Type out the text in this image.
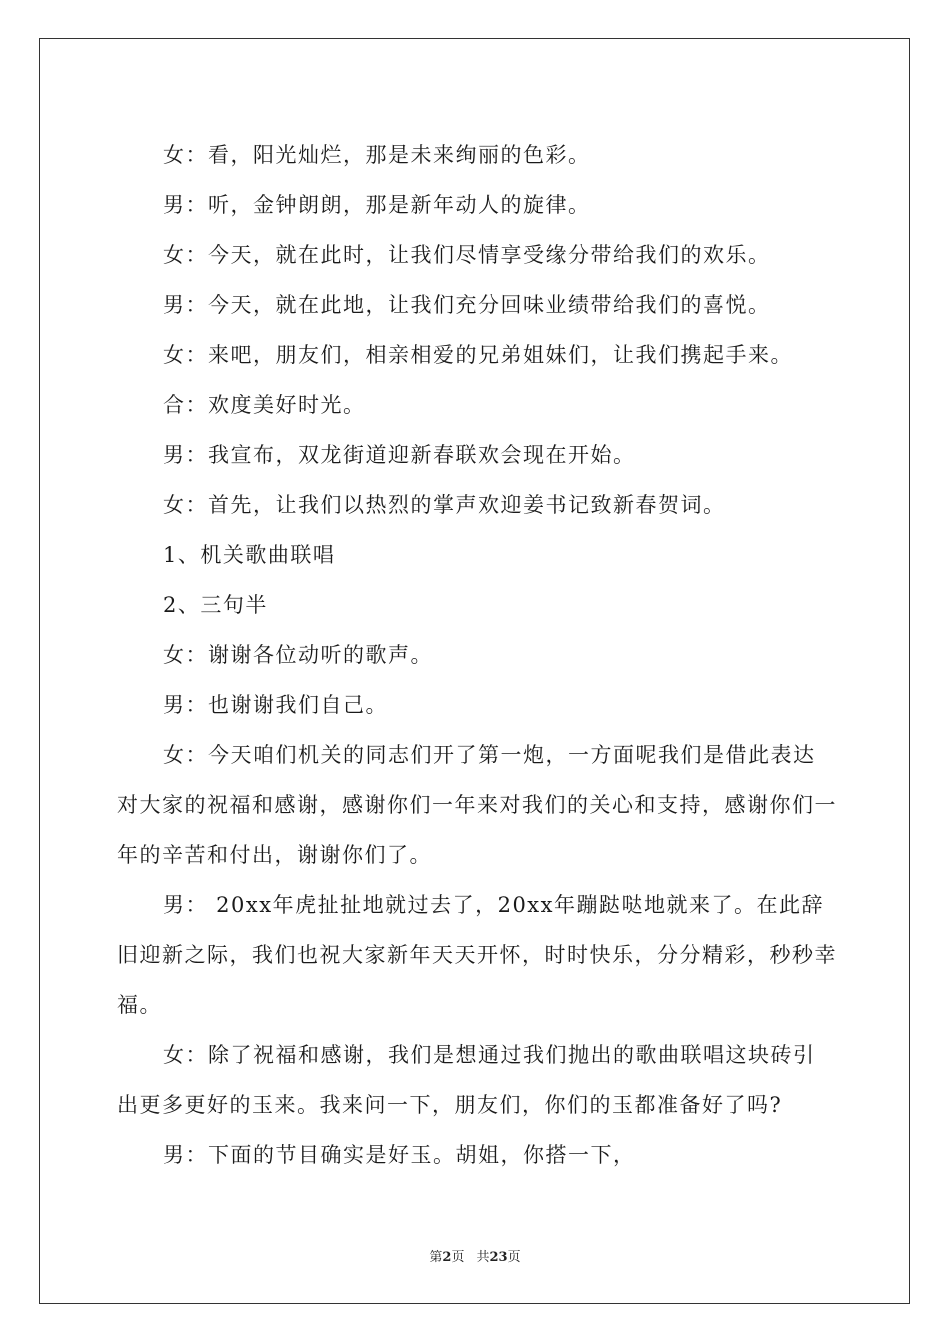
女：看，阳光灿烂，那是未来绚丽的色彩。

男：听，金钟朗朗，那是新年动人的旋律。

女：今天，就在此时，让我们尽情享受缘分带给我们的欢乐。

男：今天，就在此地，让我们充分回味业绩带给我们的喜悦。

女：来吧，朋友们，相亲相爱的兄弟姐妹们，让我们携起手来。

合：欢度美好时光。

男：我宣布，双龙街道迎新春联欢会现在开始。

女：首先，让我们以热烈的掌声欢迎姜书记致新春贺词。

1、机关歌曲联唱

2、三句半

女：谢谢各位动听的歌声。

男：也谢谢我们自己。

女：今天咱们机关的同志们开了第一炮，一方面呢我们是借此表达对大家的祝福和感谢，感谢你们一年来对我们的关心和支持，感谢你们一年的辛苦和付出，谢谢你们了。

男： 20xx年虎扯扯地就过去了，20xx年蹦跶哒地就来了。在此辞旧迎新之际，我们也祝大家新年天天开怀，时时快乐，分分精彩，秒秒幸福。

女：除了祝福和感谢，我们是想通过我们抛出的歌曲联唱这块砖引出更多更好的玉来。我来问一下，朋友们，你们的玉都准备好了吗?

男：下面的节目确实是好玉。胡姐，你搭一下，

第2页 共23页
